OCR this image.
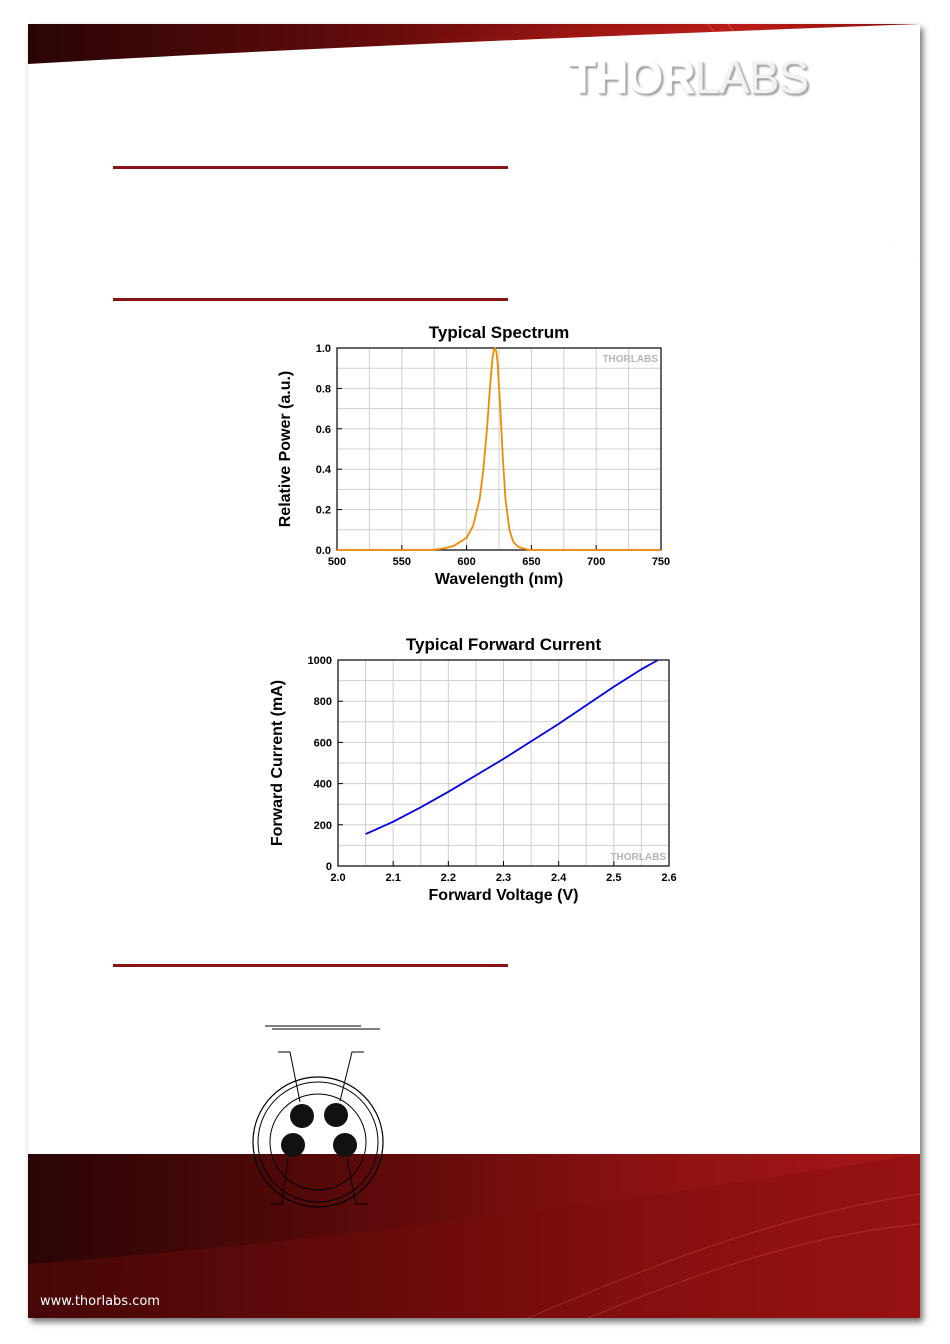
THORLABS
www.thorlabs.com
Typical Spectrum
500	550	600	650	700	750
0.0
0.2
0.4
0.6
0.8
1.0
Wavelength (nm)
Relative Power (a.u.)
THORLABS
Typical Forward Current
2.0	2.1	2.2	2.3	2.4	2.5	2.6
0
200
400
600
800
1000
Forward Voltage (V)
Forward Current (mA)
THORLABS
